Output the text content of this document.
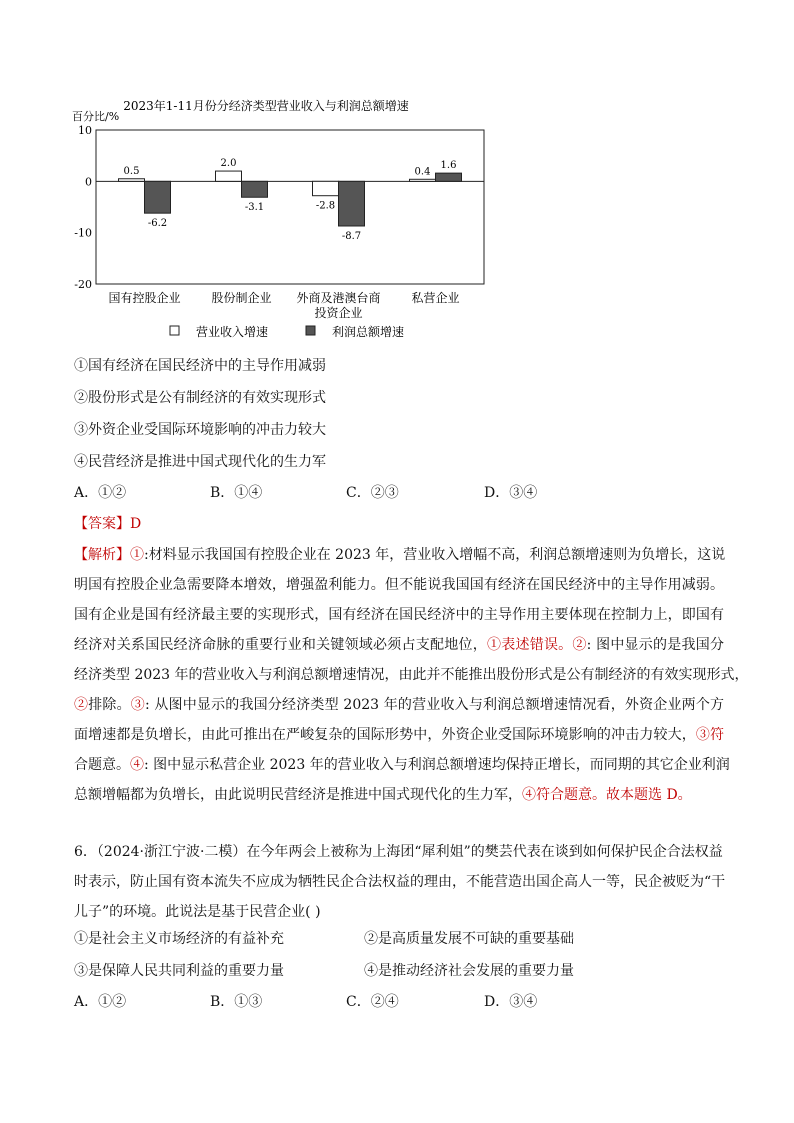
2023年1-11月份分经济类型营业收入与利润总额增速
百分比/%
10
0
-10
-20
0.5
-6.2
国有控股企业
2.0
-3.1
股份制企业
-2.8
-8.7
外商及港澳台商
投资企业
0.4
1.6
私营企业
营业收入增速	利润总额增速
①国有经济在国民经济中的主导作用减弱
②股份形式是公有制经济的有效实现形式
③外资企业受国际环境影响的冲击力较大
④民营经济是推进中国式现代化的生力军
A．①②	B．①④	C．②③	D．③④
【答案】D
【解析】①:材料显示我国国有控股企业在 2023 年，营业收入增幅不高，利润总额增速则为负增长，这说
明国有控股企业急需要降本增效，增强盈利能力。但不能说我国国有经济在国民经济中的主导作用减弱。
国有企业是国有经济最主要的实现形式，国有经济在国民经济中的主导作用主要体现在控制力上，即国有
经济对关系国民经济命脉的重要行业和关键领域必须占支配地位，①表述错误。②: 图中显示的是我国分
经济类型 2023 年的营业收入与利润总额增速情况，由此并不能推出股份形式是公有制经济的有效实现形式，
②排除。③: 从图中显示的我国分经济类型 2023 年的营业收入与利润总额增速情况看，外资企业两个方
面增速都是负增长，由此可推出在严峻复杂的国际形势中，外资企业受国际环境影响的冲击力较大，③符
合题意。④: 图中显示私营企业 2023 年的营业收入与利润总额增速均保持正增长，而同期的其它企业利润
总额增幅都为负增长，由此说明民营经济是推进中国式现代化的生力军，④符合题意。故本题选 D。
6．（2024·浙江宁波·二模）在今年两会上被称为上海团“犀利姐”的樊芸代表在谈到如何保护民企合法权益
时表示，防止国有资本流失不应成为牺牲民企合法权益的理由，不能营造出国企高人一等，民企被贬为“干
儿子”的环境。此说法是基于民营企业( )
①是社会主义市场经济的有益补充	②是高质量发展不可缺的重要基础
③是保障人民共同利益的重要力量	④是推动经济社会发展的重要力量
A．①②	B．①③	C．②④	D．③④
